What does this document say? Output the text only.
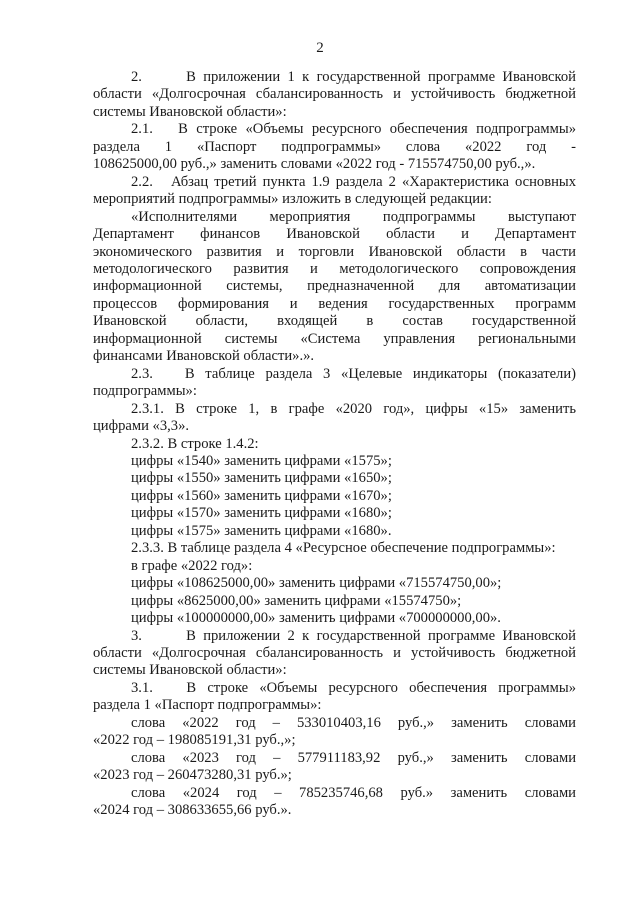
2

2.      В приложении 1 к государственной программе Ивановской

области «Долгосрочная сбалансированность и устойчивость бюджетной

системы Ивановской области»:

2.1.   В строке «Объемы ресурсного обеспечения подпрограммы»

раздела 1 «Паспорт подпрограммы» слова «2022 год -

108625000,00 руб.,» заменить словами «2022 год - 715574750,00 руб.,».

2.2.   Абзац третий пункта 1.9 раздела 2 «Характеристика основных

мероприятий подпрограммы» изложить в следующей редакции:

«Исполнителями мероприятия подпрограммы выступают

Департамент финансов Ивановской области и Департамент

экономического развития и торговли Ивановской области в части

методологического развития и методологического сопровождения

информационной системы, предназначенной для автоматизации

процессов формирования и ведения государственных программ

Ивановской области, входящей в состав государственной

информационной системы «Система управления региональными

финансами Ивановской области».».

2.3.   В таблице раздела 3 «Целевые индикаторы (показатели)

подпрограммы»:

2.3.1. В строке 1, в графе «2020 год», цифры «15» заменить

цифрами «3,3».

2.3.2. В строке 1.4.2:

цифры «1540» заменить цифрами «1575»;

цифры «1550» заменить цифрами «1650»;

цифры «1560» заменить цифрами «1670»;

цифры «1570» заменить цифрами «1680»;

цифры «1575» заменить цифрами «1680».

2.3.3. В таблице раздела 4 «Ресурсное обеспечение подпрограммы»:

в графе «2022 год»:

цифры «108625000,00» заменить цифрами «715574750,00»;

цифры «8625000,00» заменить цифрами «15574750»;

цифры «100000000,00» заменить цифрами «700000000,00».

3.      В приложении 2 к государственной программе Ивановской

области «Долгосрочная сбалансированность и устойчивость бюджетной

системы Ивановской области»:

3.1.   В строке «Объемы ресурсного обеспечения программы»

раздела 1 «Паспорт подпрограммы»:

слова «2022 год – 533010403,16 руб.,» заменить словами

«2022 год – 198085191,31 руб.,»;

слова «2023 год – 577911183,92 руб.,» заменить словами

«2023 год – 260473280,31 руб.»;

слова «2024 год – 785235746,68 руб.» заменить словами

«2024 год – 308633655,66 руб.».
